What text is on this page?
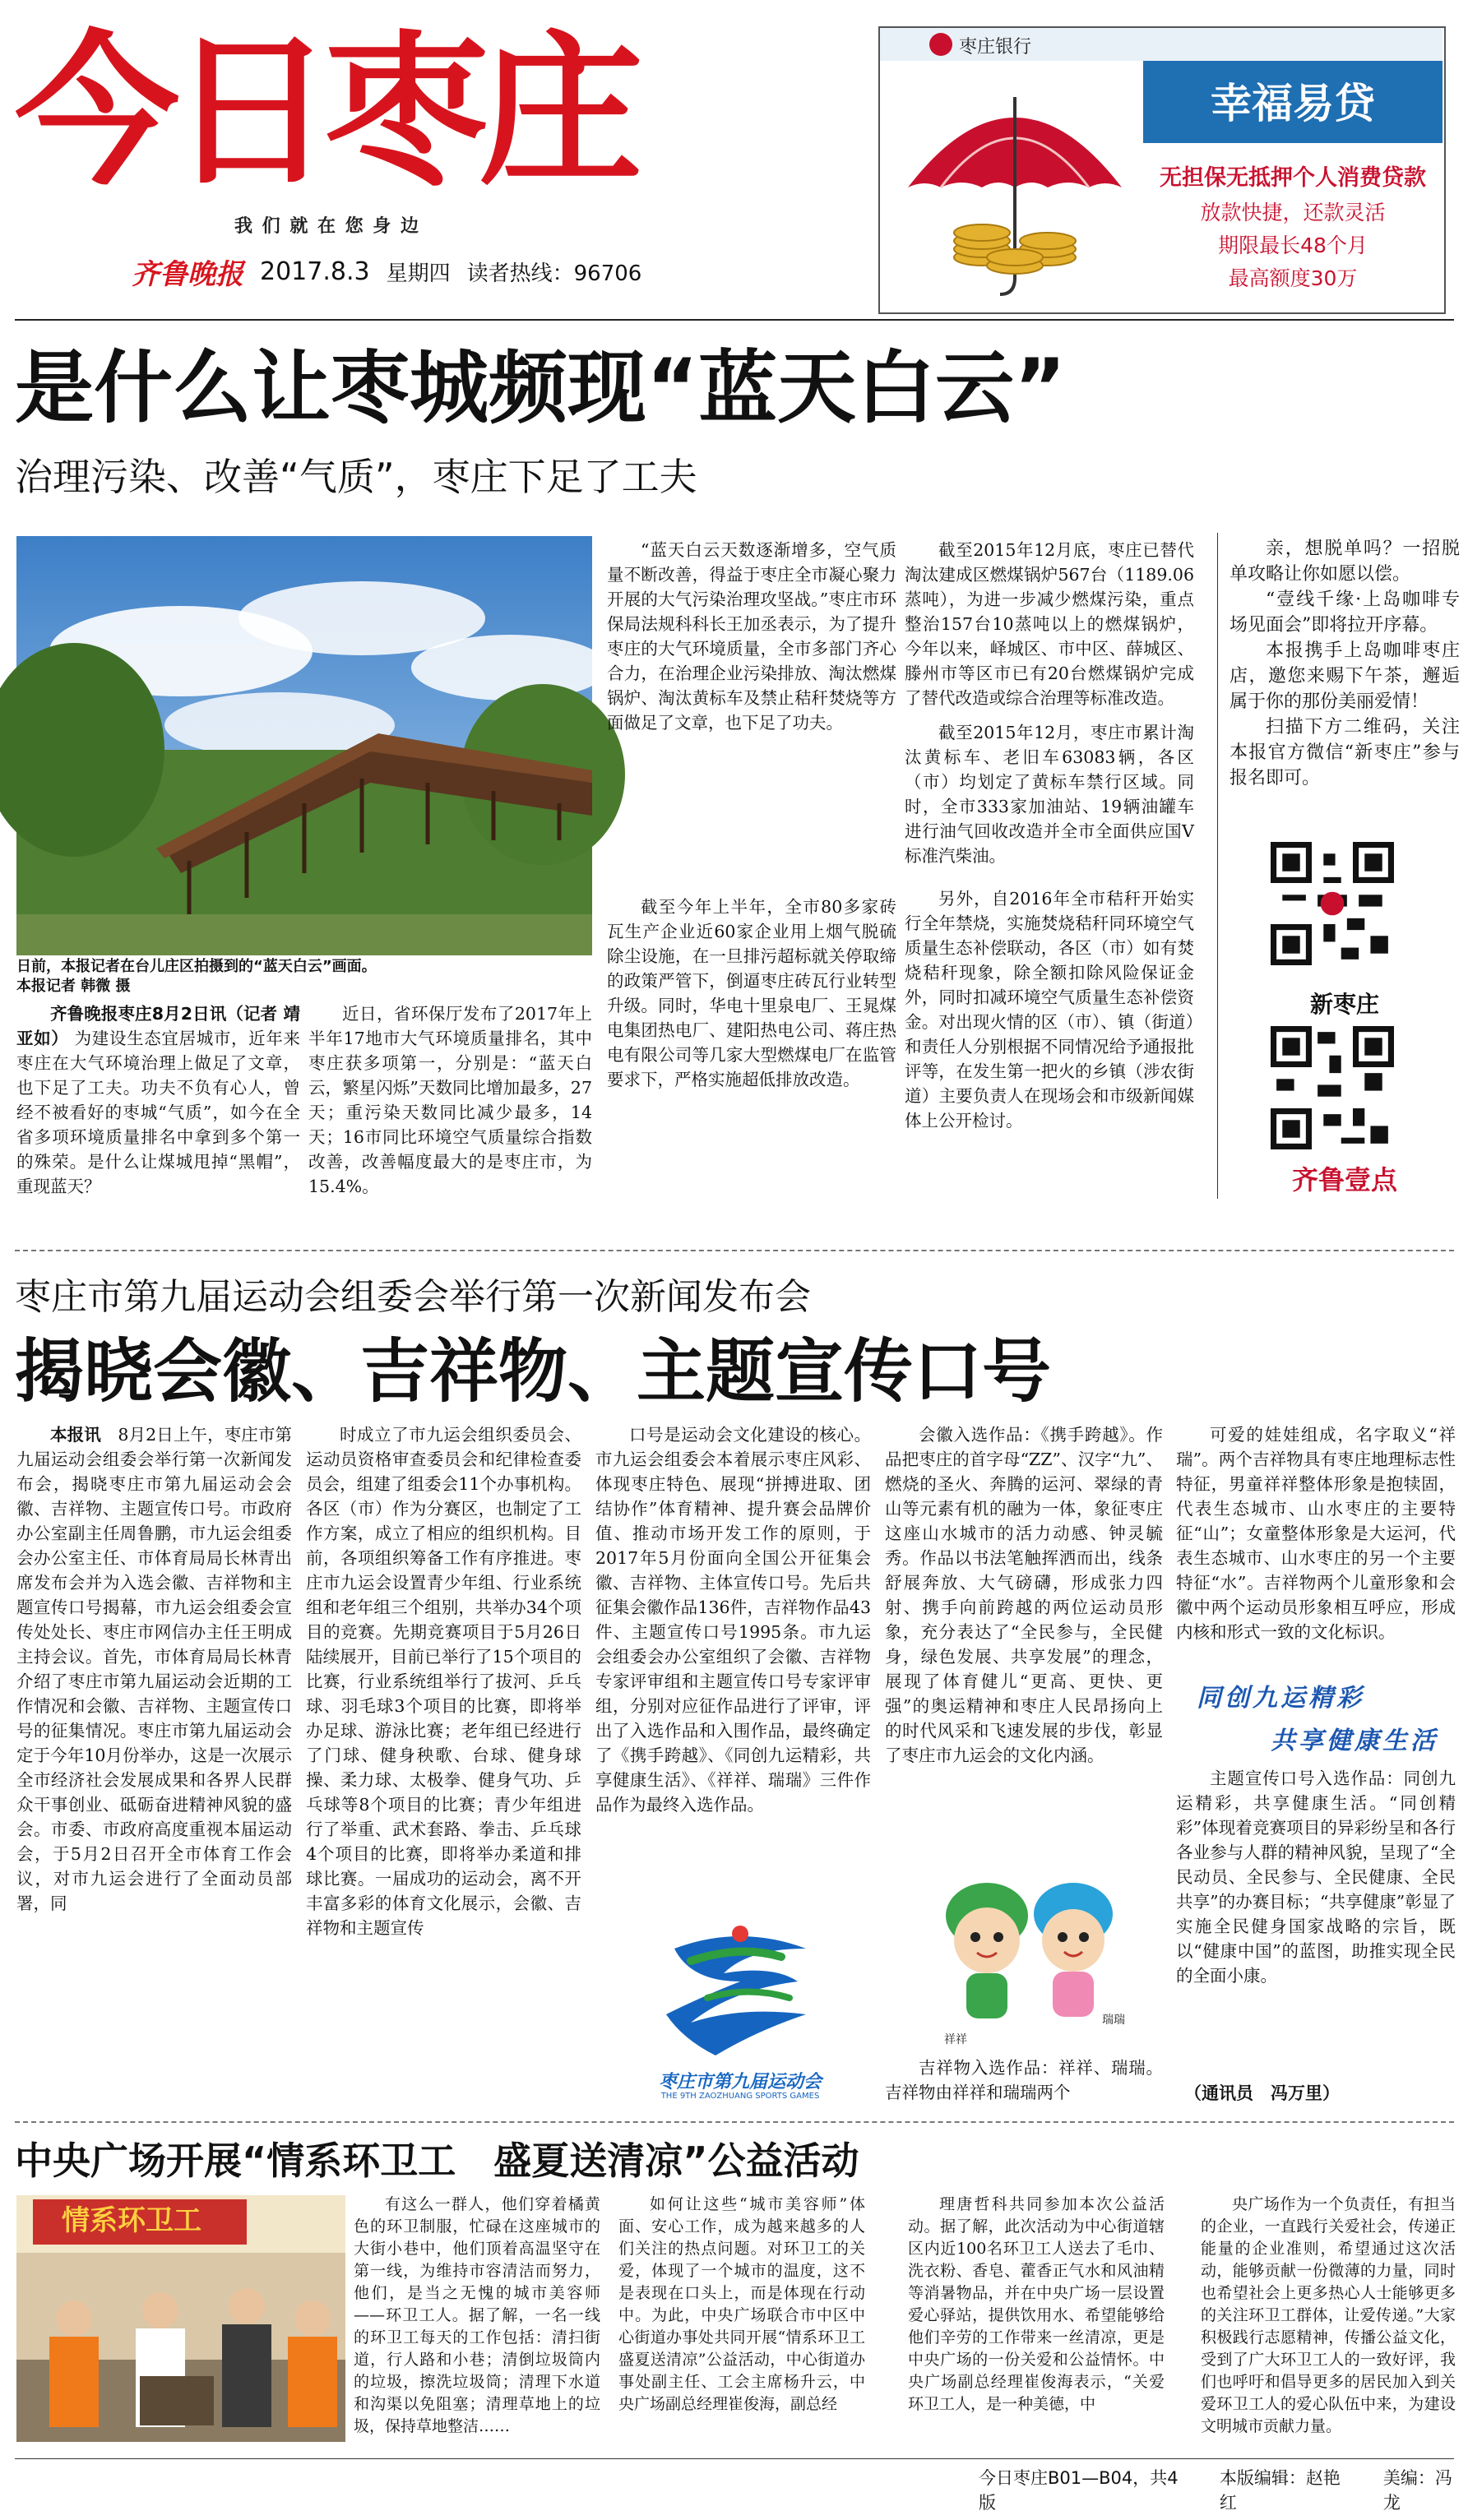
今日枣庄
我 们 就 在 您 身 边
齐鲁晚报 2017.8.3 星期四 读者热线：96706
枣庄银行
幸福易贷
无担保无抵押个人消费贷款
放款快捷，还款灵活
期限最长48个月
最高额度30万
是什么让枣城频现“蓝天白云”
治理污染、改善“气质”，枣庄下足了工夫
日前，本报记者在台儿庄区拍摄到的“蓝天白云”画面。
本报记者 韩微 摄

齐鲁晚报枣庄8月2日讯（记者 靖亚如） 为建设生态宜居城市，近年来枣庄在大气环境治理上做足了文章，也下足了工夫。功夫不负有心人，曾经不被看好的枣城“气质”，如今在全省多项环境质量排名中拿到多个第一的殊荣。是什么让煤城甩掉“黑帽”，重现蓝天？

近日，省环保厅发布了2017年上半年17地市大气环境质量排名，其中枣庄获多项第一，分别是：“蓝天白云，繁星闪烁”天数同比增加最多，27天；重污染天数同比减少最多，14天；16市同比环境空气质量综合指数改善，改善幅度最大的是枣庄市，为15.4%。

“蓝天白云天数逐渐增多，空气质量不断改善，得益于枣庄全市凝心聚力开展的大气污染治理攻坚战。”枣庄市环保局法规科科长王加丞表示，为了提升枣庄的大气环境质量，全市多部门齐心合力，在治理企业污染排放、淘汰燃煤锅炉、淘汰黄标车及禁止秸秆焚烧等方面做足了文章，也下足了功夫。

截至今年上半年，全市80多家砖瓦生产企业近60家企业用上烟气脱硫除尘设施，在一旦排污超标就关停取缔的政策严管下，倒逼枣庄砖瓦行业转型升级。同时，华电十里泉电厂、王晁煤电集团热电厂、建阳热电公司、蒋庄热电有限公司等几家大型燃煤电厂在监管要求下，严格实施超低排放改造。

截至2015年12月底，枣庄已替代淘汰建成区燃煤锅炉567台（1189.06蒸吨），为进一步减少燃煤污染，重点整治157台10蒸吨以上的燃煤锅炉，今年以来，峄城区、市中区、薛城区、滕州市等区市已有20台燃煤锅炉完成了替代改造或综合治理等标准改造。

截至2015年12月，枣庄市累计淘汰黄标车、老旧车63083辆，各区（市）均划定了黄标车禁行区域。同时，全市333家加油站、19辆油罐车进行油气回收改造并全市全面供应国Ⅴ标准汽柴油。

另外，自2016年全市秸秆开始实行全年禁烧，实施焚烧秸秆同环境空气质量生态补偿联动，各区（市）如有焚烧秸秆现象，除全额扣除风险保证金外，同时扣减环境空气质量生态补偿资金。对出现火情的区（市）、镇（街道）和责任人分别根据不同情况给予通报批评等，在发生第一把火的乡镇（涉农街道）主要负责人在现场会和市级新闻媒体上公开检讨。

亲，想脱单吗？一招脱单攻略让你如愿以偿。

“壹线千缘·上岛咖啡专场见面会”即将拉开序幕。

本报携手上岛咖啡枣庄店，邀您来赐下午茶，邂逅属于你的那份美丽爱情！

扫描下方二维码，关注本报官方微信“新枣庄”参与报名即可。

新枣庄
齐鲁壹点
枣庄市第九届运动会组委会举行第一次新闻发布会
揭晓会徽、吉祥物、主题宣传口号

本报讯　 8月2日上午，枣庄市第九届运动会组委会举行第一次新闻发布会，揭晓枣庄市第九届运动会会徽、吉祥物、主题宣传口号。市政府办公室副主任周鲁鹏，市九运会组委会办公室主任、市体育局局长林青出席发布会并为入选会徽、吉祥物和主题宣传口号揭幕，市九运会组委会宣传处处长、枣庄市网信办主任王明成主持会议。首先，市体育局局长林青介绍了枣庄市第九届运动会近期的工作情况和会徽、吉祥物、主题宣传口号的征集情况。枣庄市第九届运动会定于今年10月份举办，这是一次展示全市经济社会发展成果和各界人民群众干事创业、砥砺奋进精神风貌的盛会。市委、市政府高度重视本届运动会，于5月2日召开全市体育工作会议，对市九运会进行了全面动员部署，同

时成立了市九运会组织委员会、运动员资格审查委员会和纪律检查委员会，组建了组委会11个办事机构。各区（市）作为分赛区，也制定了工作方案，成立了相应的组织机构。目前，各项组织筹备工作有序推进。枣庄市九运会设置青少年组、行业系统组和老年组三个组别，共举办34个项目的竞赛。先期竞赛项目于5月26日陆续展开，目前已举行了15个项目的比赛，行业系统组举行了拔河、乒乓球、羽毛球3个项目的比赛，即将举办足球、游泳比赛；老年组已经进行了门球、健身秧歌、台球、健身球操、柔力球、太极拳、健身气功、乒乓球等8个项目的比赛；青少年组进行了举重、武术套路、拳击、乒乓球4个项目的比赛，即将举办柔道和排球比赛。一届成功的运动会，离不开丰富多彩的体育文化展示，会徽、吉祥物和主题宣传

口号是运动会文化建设的核心。市九运会组委会本着展示枣庄风彩、体现枣庄特色、展现“拼搏进取、团结协作”体育精神、提升赛会品牌价值、推动市场开发工作的原则，于2017年5月份面向全国公开征集会徽、吉祥物、主体宣传口号。先后共征集会徽作品136件，吉祥物作品43件、主题宣传口号1995条。市九运会组委会办公室组织了会徽、吉祥物专家评审组和主题宣传口号专家评审组，分别对应征作品进行了评审，评出了入选作品和入围作品，最终确定了《携手跨越》、《同创九运精彩，共享健康生活》、《祥祥、瑞瑞》三件作品作为最终入选作品。

枣庄市第九届运动会
THE 9TH ZAOZHUANG SPORTS GAMES

会徽入选作品：《携手跨越》。作品把枣庄的首字母“ZZ”、汉字“九”、燃烧的圣火、奔腾的运河、翠绿的青山等元素有机的融为一体，象征枣庄这座山水城市的活力动感、钟灵毓秀。作品以书法笔触挥洒而出，线条舒展奔放、大气磅礴，形成张力四射、携手向前跨越的两位运动员形象，充分表达了“全民参与，全民健身，绿色发展、共享发展”的理念，展现了体育健儿“更高、更快、更强”的奥运精神和枣庄人民昂扬向上的时代风采和飞速发展的步伐，彰显了枣庄市九运会的文化内涵。

祥祥
瑞瑞

吉祥物入选作品：祥祥、瑞瑞。吉祥物由祥祥和瑞瑞两个

可爱的娃娃组成，名字取义“祥瑞”。两个吉祥物具有枣庄地理标志性特征，男童祥祥整体形象是抱犊固，代表生态城市、山水枣庄的主要特征“山”；女童整体形象是大运河，代表生态城市、山水枣庄的另一个主要特征“水”。吉祥物两个儿童形象和会徽中两个运动员形象相互呼应，形成内核和形式一致的文化标识。

同创九运精彩
共享健康生活

主题宣传口号入选作品：同创九运精彩，共享健康生活。“同创精彩”体现着竞赛项目的异彩纷呈和各行各业参与人群的精神风貌，呈现了“全民动员、全民参与、全民健康、全民共享”的办赛目标；“共享健康”彰显了实施全民健身国家战略的宗旨，既以“健康中国”的蓝图，助推实现全民的全面小康。

（通讯员　冯万里）
中央广场开展“情系环卫工　盛夏送清凉”公益活动
情系环卫工	有这么一群人，他们穿着橘黄色的环卫制服，忙碌在这座城市的大街小巷中，他们顶着高温坚守在第一线，为维持市容清洁而努力，他们，是当之无愧的城市美容师——环卫工人。据了解，一名一线的环卫工每天的工作包括：清扫街道，行人路和小巷；清倒垃圾筒内的垃圾，擦洗垃圾筒；清理下水道和沟渠以免阻塞；清理草地上的垃圾，保持草地整洁……

如何让这些“城市美容师”体面、安心工作，成为越来越多的人们关注的热点问题。对环卫工的关爱，体现了一个城市的温度，这不是表现在口头上，而是体现在行动中。为此，中央广场联合市中区中心街道办事处共同开展“情系环卫工　盛夏送清凉”公益活动，中心街道办事处副主任、工会主席杨升云，中央广场副总经理崔俊海，副总经

理唐哲科共同参加本次公益活动。据了解，此次活动为中心街道辖区内近100名环卫工人送去了毛巾、洗衣粉、香皂、藿香正气水和风油精等消暑物品，并在中央广场一层设置爱心驿站，提供饮用水、希望能够给他们辛劳的工作带来一丝清凉，更是中央广场的一份关爱和公益情怀。中央广场副总经理崔俊海表示，“关爱环卫工人，是一种美德，中

央广场作为一个负责任，有担当的企业，一直践行关爱社会，传递正能量的企业准则，希望通过这次活动，能够贡献一份微薄的力量，同时也希望社会上更多热心人士能够更多的关注环卫工群体，让爱传递。”大家积极践行志愿精神，传播公益文化，受到了广大环卫工人的一致好评，我们也呼吁和倡导更多的居民加入到关爱环卫工人的爱心队伍中来，为建设文明城市贡献力量。

今日枣庄B01—B04，共4版
本版编辑：赵艳红
美编：冯龙
